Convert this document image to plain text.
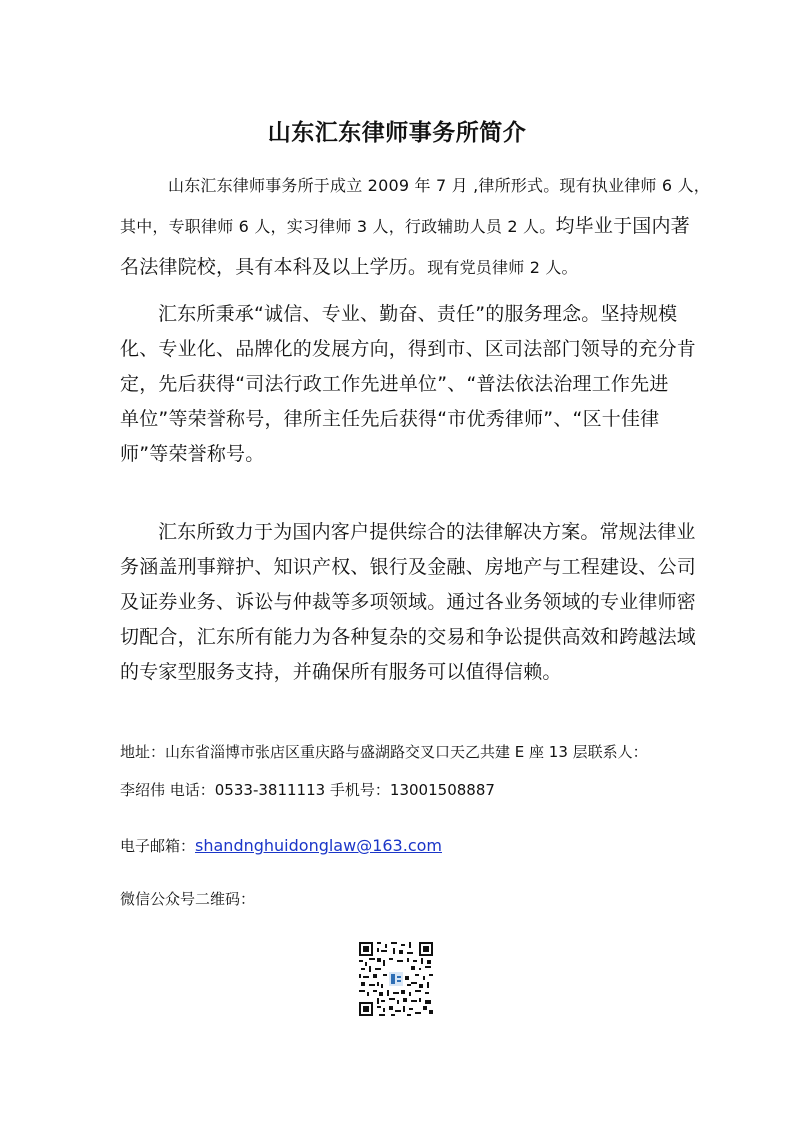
山东汇东律师事务所简介
山东汇东律师事务所于成立 2009 年 7 月 ,律所形式。现有执业律师 6 人，
其中，专职律师 6 人，实习律师 3 人，行政辅助人员 2 人。均毕业于国内著
名法律院校，具有本科及以上学历。现有党员律师 2 人。
汇东所秉承“诚信、专业、勤奋、责任”的服务理念。坚持规模
化、专业化、品牌化的发展方向，得到市、区司法部门领导的充分肯
定，先后获得“司法行政工作先进单位”、“普法依法治理工作先进
单位”等荣誉称号，律所主任先后获得“市优秀律师”、“区十佳律
师”等荣誉称号。
汇东所致力于为国内客户提供综合的法律解决方案。常规法律业
务涵盖刑事辩护、知识产权、银行及金融、房地产与工程建设、公司
及证券业务、诉讼与仲裁等多项领域。通过各业务领域的专业律师密
切配合，汇东所有能力为各种复杂的交易和争讼提供高效和跨越法域
的专家型服务支持，并确保所有服务可以值得信赖。
地址：山东省淄博市张店区重庆路与盛湖路交叉口天乙共建 E 座 13 层联系人：
李绍伟 电话：0533-3811113 手机号：13001508887
电子邮箱：shandnghuidonglaw@163.com
微信公众号二维码：
